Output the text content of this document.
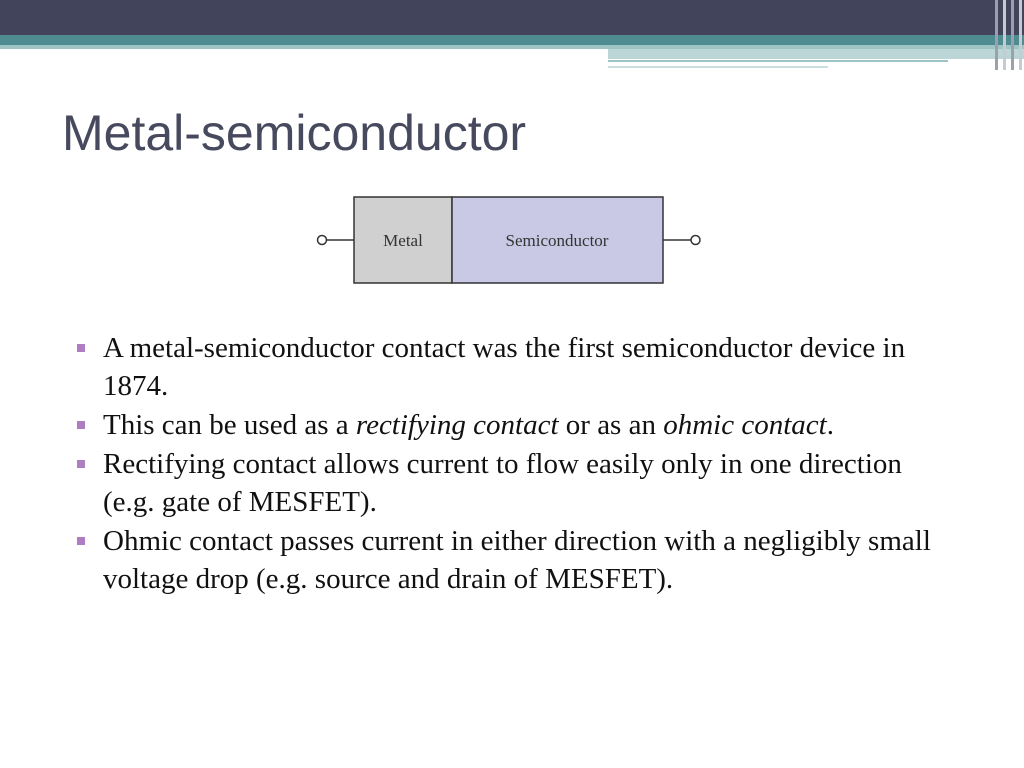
Metal-semiconductor
Metal	Semiconductor
A metal-semiconductor contact was the first semiconductor device in 1874.
This can be used as a rectifying contact or as an ohmic contact.
Rectifying contact allows current to flow easily only in one direction (e.g. gate of MESFET).
Ohmic contact passes current in either direction with a negligibly small voltage drop (e.g. source and drain of MESFET).
